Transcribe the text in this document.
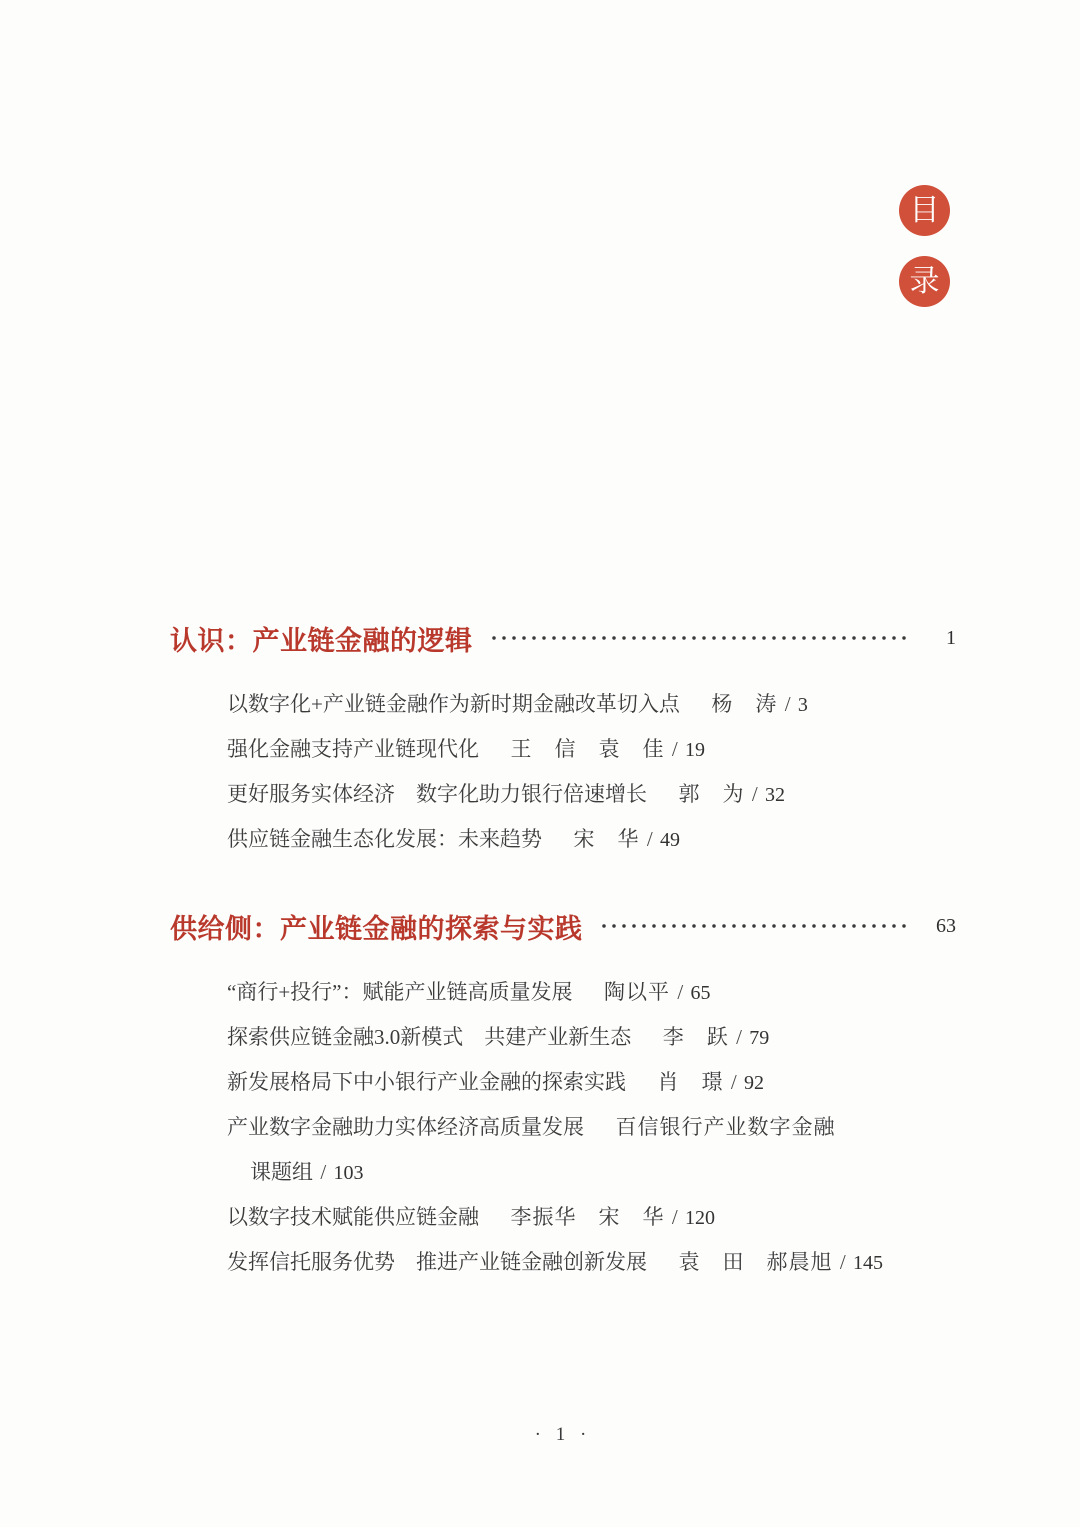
目
录
认识：产业链金融的逻辑	1
以数字化+产业链金融作为新时期金融改革切入点 杨　涛 / 3
强化金融支持产业链现代化 王　信　袁　佳 / 19
更好服务实体经济　数字化助力银行倍速增长 郭　为 / 32
供应链金融生态化发展：未来趋势 宋　华 / 49
供给侧：产业链金融的探索与实践	63
“商行+投行”：赋能产业链高质量发展 陶以平 / 65
探索供应链金融3.0新模式　共建产业新生态 李　跃 / 79
新发展格局下中小银行产业金融的探索实践 肖　璟 / 92
产业数字金融助力实体经济高质量发展 百信银行产业数字金融
课题组 / 103
以数字技术赋能供应链金融 李振华　宋　华 / 120
发挥信托服务优势　推进产业链金融创新发展 袁　田　郝晨旭 / 145
· 1 ·
